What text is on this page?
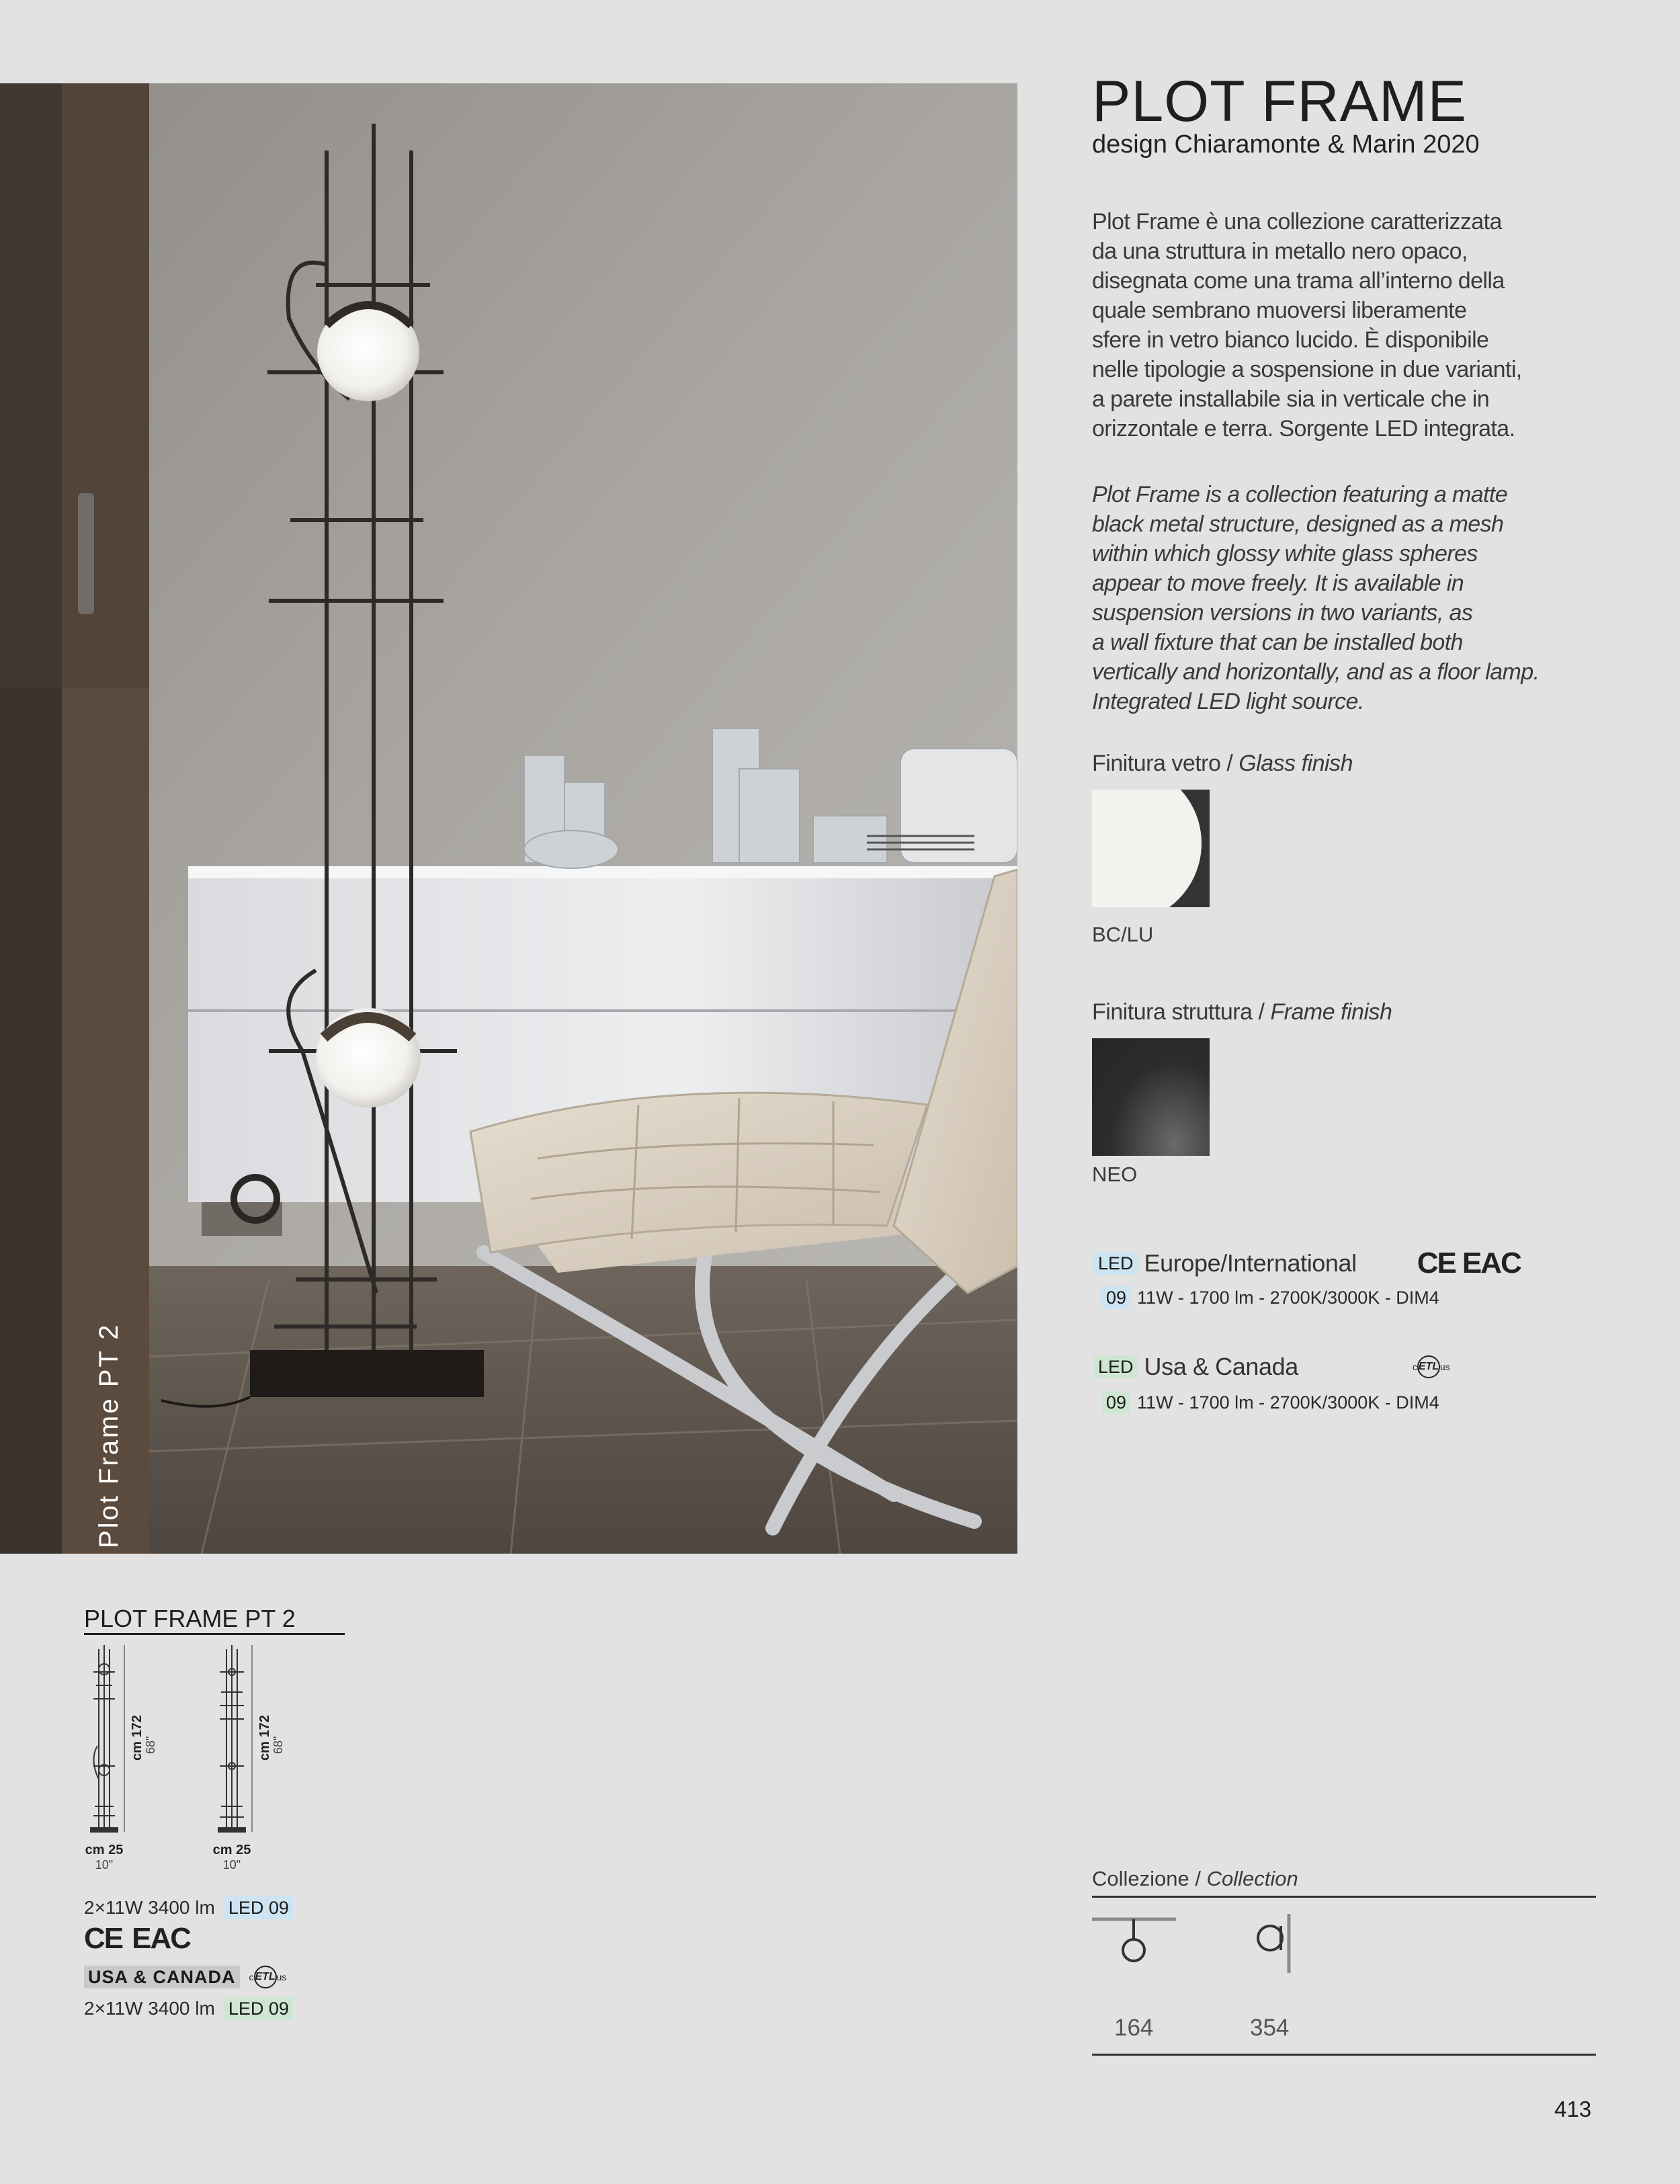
Plot Frame PT 2
PLOT FRAME
design Chiaramonte & Marin 2020
Plot Frame è una collezione caratterizzata
da una struttura in metallo nero opaco,
disegnata come una trama all’interno della
quale sembrano muoversi liberamente
sfere in vetro bianco lucido. È disponibile
nelle tipologie a sospensione in due varianti,
a parete installabile sia in verticale che in
orizzontale e terra. Sorgente LED integrata.
Plot Frame is a collection featuring a matte
black metal structure, designed as a mesh
within which glossy white glass spheres
appear to move freely. It is available in
suspension versions in two variants, as
a wall fixture that can be installed both
vertically and horizontally, and as a floor lamp.
Integrated LED light source.
Finitura vetro / Glass finish
BC/LU
Finitura struttura / Frame finish
NEO
LED Europe/International CE EAC
09 11W - 1700 lm - 2700K/3000K - DIM4
LED Usa & Canada	c ETL us
09 11W - 1700 lm - 2700K/3000K - DIM4
PLOT FRAME PT 2
cm 172 68"
cm 25
10"
cm 172 68"
cm 25
10"
2×11W 3400 lm LED 09
CE EAC
USA & CANADA	c ETL us
2×11W 3400 lm LED 09
Collezione / Collection
164	354
413
